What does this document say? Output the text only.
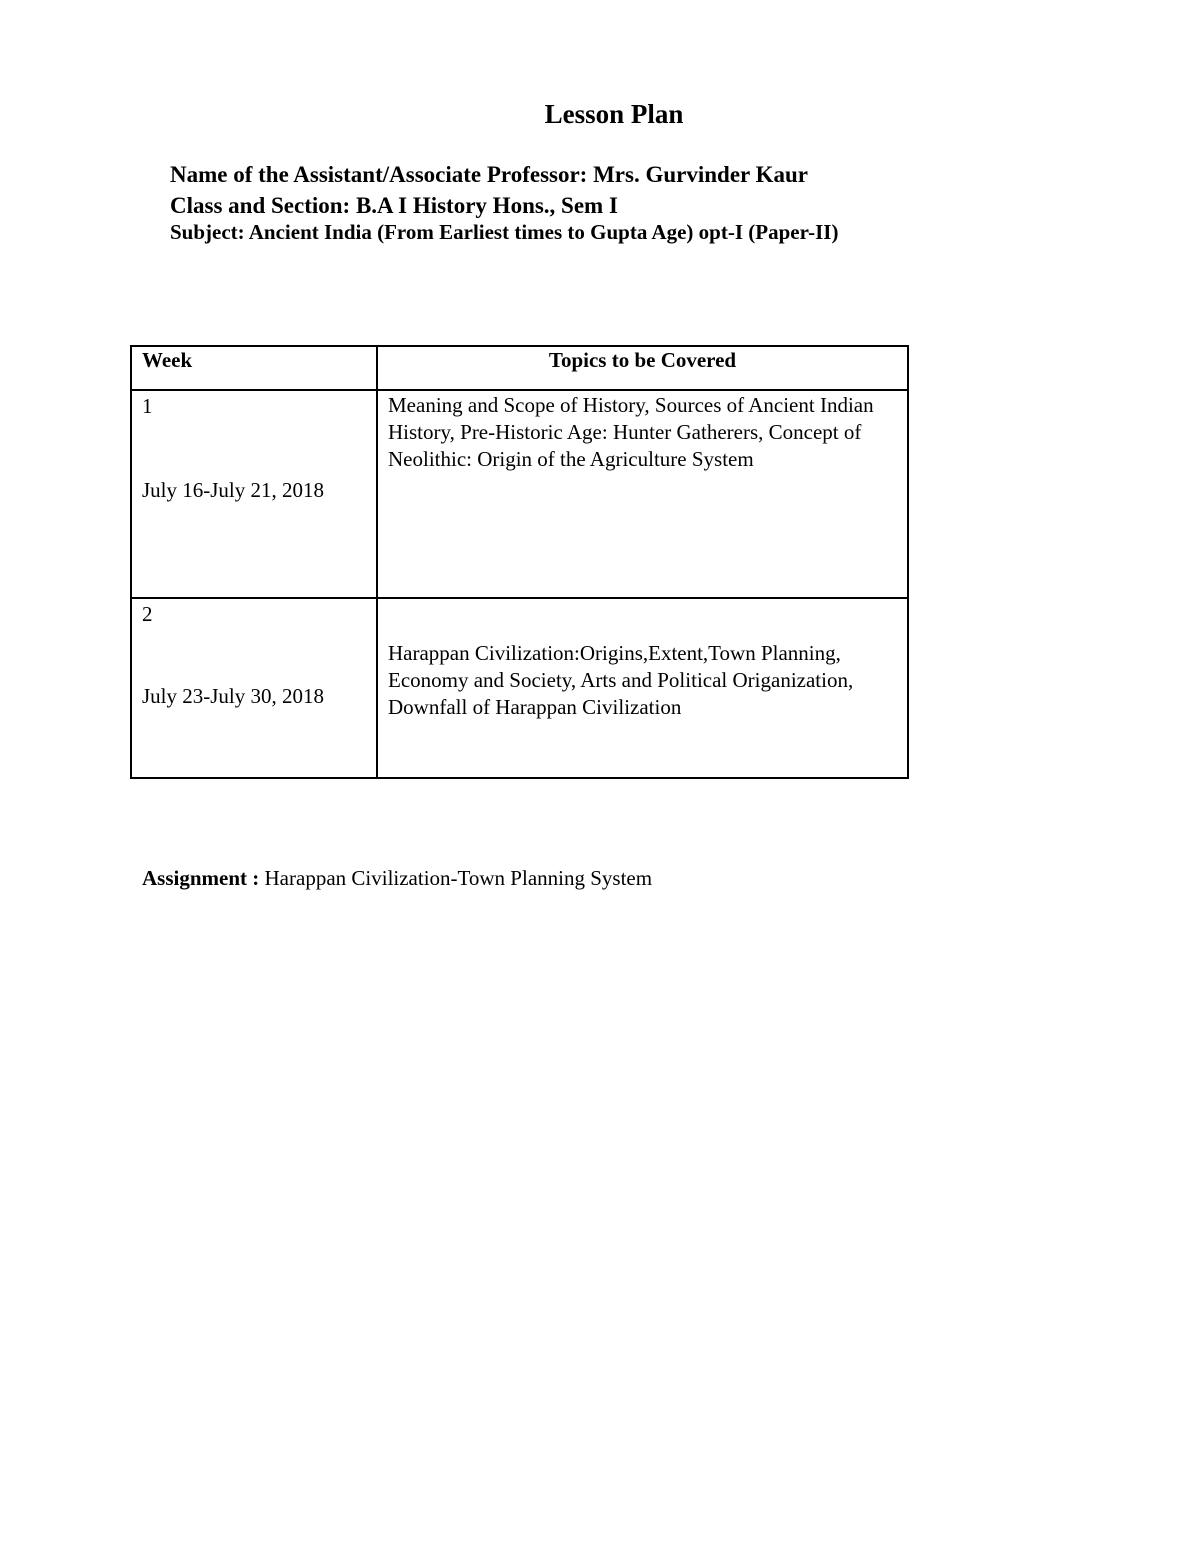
Lesson Plan

Name of the Assistant/Associate Professor: Mrs. Gurvinder Kaur

Class and Section: B.A I History Hons., Sem I

Subject: Ancient India (From Earliest times to Gupta Age) opt-I (Paper-II)

Week	Topics to be Covered

1
July 16-July 21, 2018	Meaning and Scope of History, Sources of Ancient Indian History, Pre-Historic Age: Hunter Gatherers, Concept of Neolithic: Origin of the Agriculture System

2
July 23-July 30, 2018	Harappan Civilization:Origins,Extent,Town Planning, Economy and Society, Arts and Political Origanization, Downfall of Harappan Civilization

Assignment : Harappan Civilization-Town Planning System
